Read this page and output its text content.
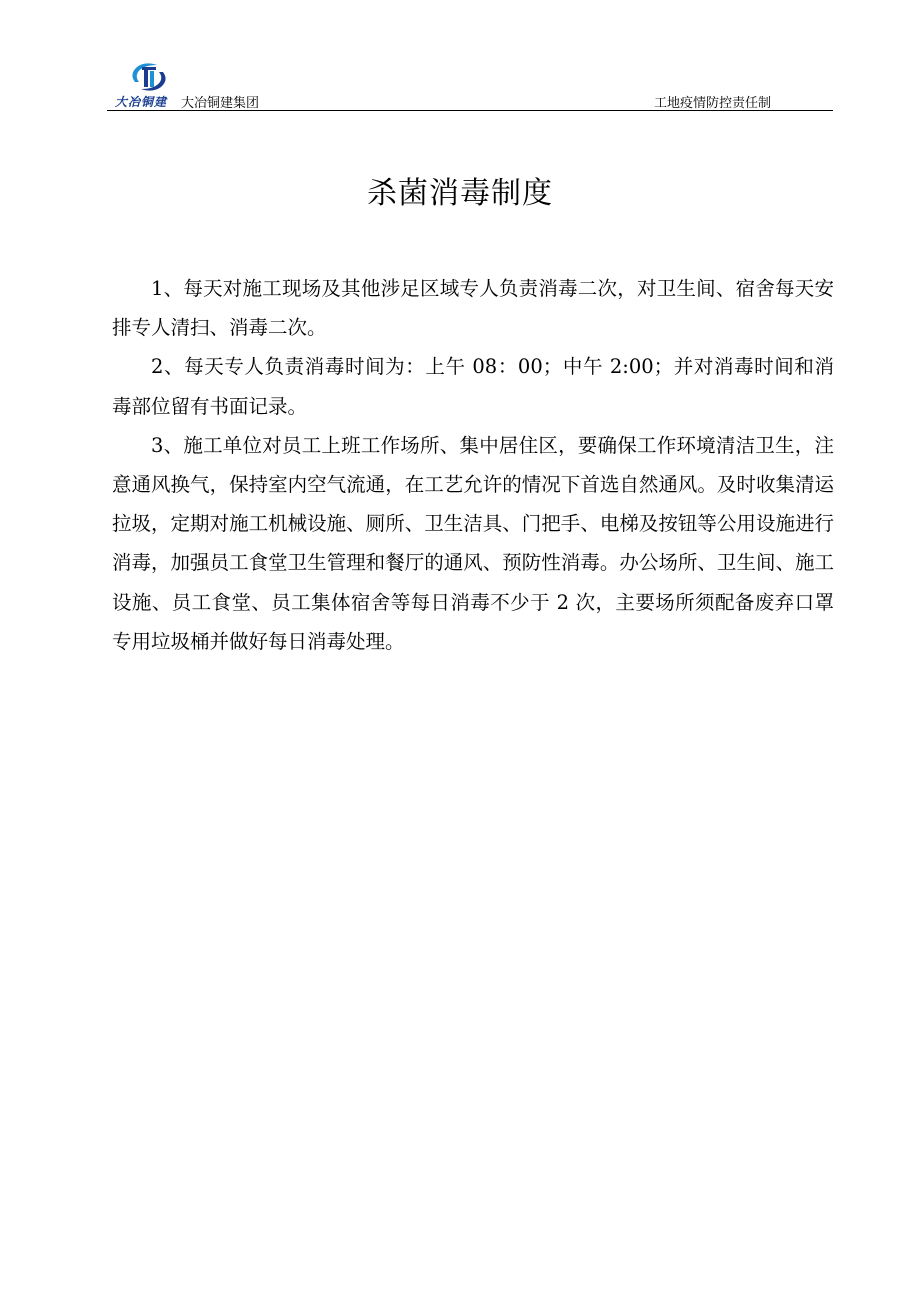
大冶铜建 大冶铜建集团	工地疫情防控责任制
杀菌消毒制度

1、每天对施工现场及其他涉足区域专人负责消毒二次，对卫生间、宿舍每天安排专人清扫、消毒二次。

2、每天专人负责消毒时间为：上午 08：00；中午 2:00；并对消毒时间和消毒部位留有书面记录。

3、施工单位对员工上班工作场所、集中居住区，要确保工作环境清洁卫生，注意通风换气，保持室内空气流通，在工艺允许的情况下首选自然通风。及时收集清运拉圾，定期对施工机械设施、厕所、卫生洁具、门把手、电梯及按钮等公用设施进行消毒，加强员工食堂卫生管理和餐厅的通风、预防性消毒。办公场所、卫生间、施工设施、员工食堂、员工集体宿舍等每日消毒不少于 2 次，主要场所须配备废弃口罩专用垃圾桶并做好每日消毒处理。
